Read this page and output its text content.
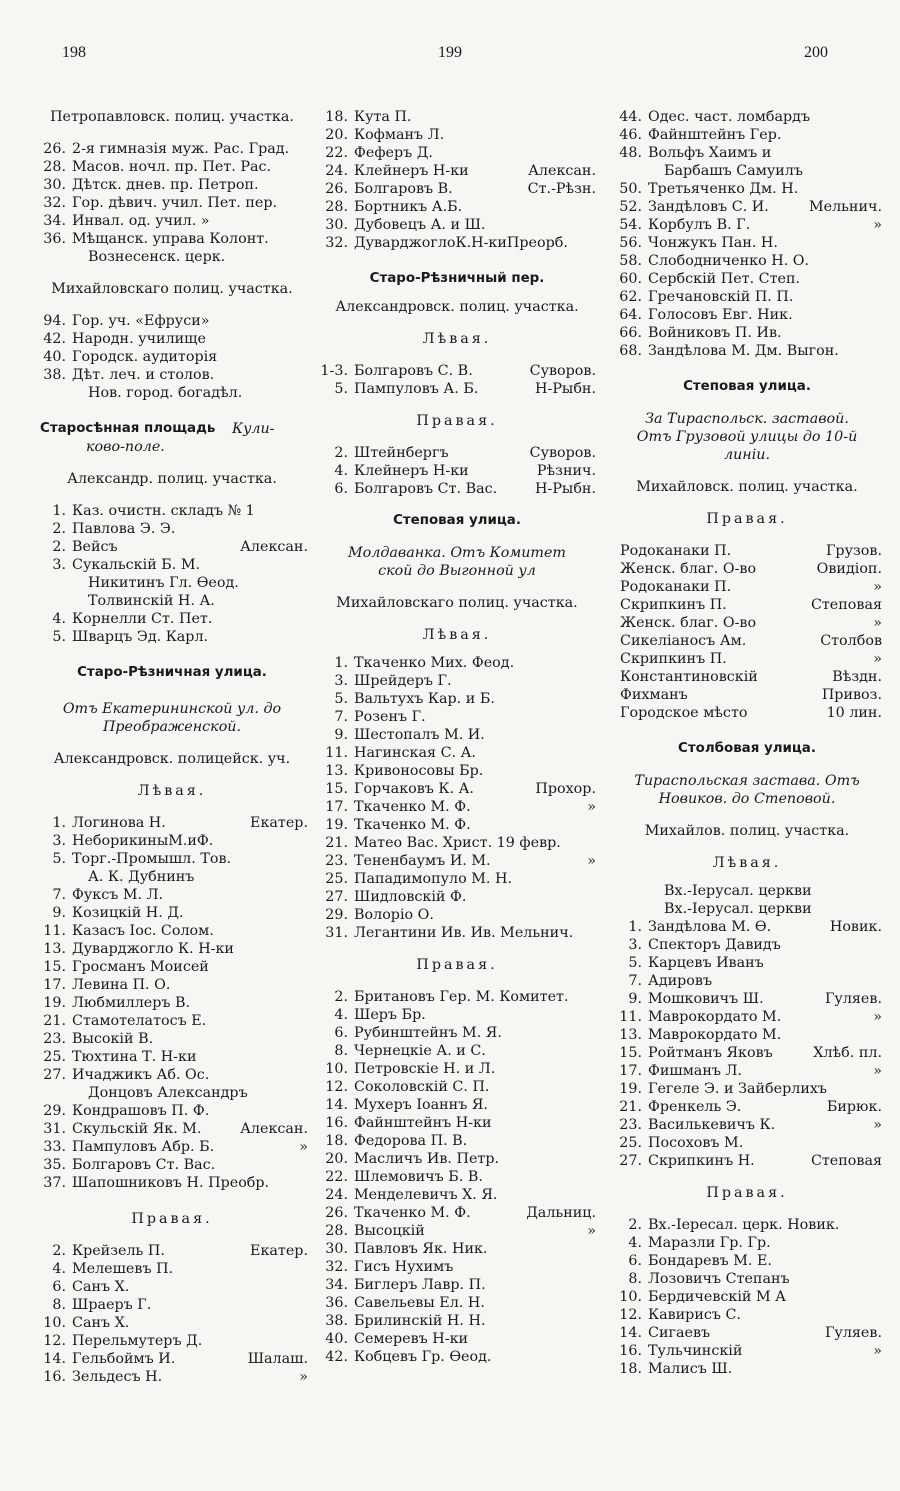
198	199	200
Петропавловск. полиц. участка.
26. 2-я гимназія муж. Рас. Град.
28. Масов. ночл. пр. Пет. Рас.
30. Дѣтск. днев. пр. Петроп.
32. Гор. дѣвич. учил. Пет. пер.
34. Инвал. од. учил. »
36. Мѣщанск. управа Колонт.
Вознесенск. церк.
Михайловскаго полиц. участка.
94. Гор. уч. «Ефруси»
42. Народн. училище
40. Городск. аудиторія
38. Дѣт. леч. и столов.
Нов. город. богадѣл.
Старосѣнная площадь Кули-
ково-поле.
Александр. полиц. участка.
1. Каз. очистн. складъ № 1
2. Павлова Э. Э.
2. Вейсъ	Алексан.
3. Сукальскій Б. М.
Никитинъ Гл. Өеод.
Толвинскій Н. А.
4. Корнелли Ст. Пет.
5. Шварцъ Эд. Карл.
Старо-Рѣзничная улица.
Отъ Екатерининской ул. до
Преображенской.
Александровск. полицейск. уч.
Лѣвая.
1. Логинова Н.	Екатер.
3. НеборикиныМ.иФ.
5. Торг.-Промышл. Тов.
А. К. Дубнинъ
7. Фуксъ М. Л.
9. Козицкій Н. Д.
11. Казасъ Іос. Солом.
13. Дуварджогло К. Н-ки
15. Гросманъ Моисей
17. Левина П. О.
19. Любмиллеръ В.
21. Стамотелатосъ Е.
23. Высокій В.
25. Тюхтина Т. Н-ки
27. Ичаджикъ Аб. Ос.
Донцовъ Александръ
29. Кондрашовъ П. Ф.
31. Скульскій Як. М.	Алексан.
33. Пампуловъ Абр. Б.	»
35. Болгаровъ Ст. Вас.
37. Шапошниковъ Н. Преобр.
Правая.
2. Крейзель П.	Екатер.
4. Мелешевъ П.
6. Санъ Х.
8. Шраеръ Г.
10. Санъ Х.
12. Перельмутеръ Д.
14. Гельбоймъ И.	Шалаш.
16. Зельдесъ Н.	»
18. Кута П.
20. Кофманъ Л.
22. Феферъ Д.
24. Клейнеръ Н-ки	Алексан.
26. Болгаровъ В.	Ст.-Рѣзн.
28. Бортникъ А.Б.
30. Дубовецъ А. и Ш.
32. ДуварджоглоК.Н-киПреорб.
Старо-Рѣзничный пер.
Александровск. полиц. участка.
Лѣвая.
1-3. Болгаровъ С. В.	Суворов.
5. Пампуловъ А. Б.	Н-Рыбн.
Правая.
2. Штейнбергъ	Суворов.
4. Клейнеръ Н-ки	Рѣзнич.
6. Болгаровъ Ст. Вас.	Н-Рыбн.
Степовая улица.
Молдаванка. Отъ Комитет
ской до Выгонной ул
Михайловскаго полиц. участка.
Лѣвая.
1. Ткаченко Мих. Феод.
3. Шрейдеръ Г.
5. Вальтухъ Кар. и Б.
7. Розенъ Г.
9. Шестопалъ М. И.
11. Нагинская С. А.
13. Кривоносовы Бр.
15. Горчаковъ К. А.	Прохор.
17. Ткаченко М. Ф.	»
19. Ткаченко М. Ф.
21. Матео Вас. Христ. 19 февр.
23. Тененбаумъ И. М.	»
25. Пападимопуло М. Н.
27. Шидловскій Ф.
29. Волоріо О.
31. Легантини Ив. Ив. Мельнич.
Правая.
2. Британовъ Гер. М. Комитет.
4. Шеръ Бр.
6. Рубинштейнъ М. Я.
8. Чернецкіе А. и С.
10. Петровскіе Н. и Л.
12. Соколовскій С. П.
14. Мухеръ Іоаннъ Я.
16. Файнштейнъ Н-ки
18. Федорова П. В.
20. Масличъ Ив. Петр.
22. Шлемовичъ Б. В.
24. Менделевичъ Х. Я.
26. Ткаченко М. Ф.	Дальниц.
28. Высоцкій	»
30. Павловъ Як. Ник.
32. Гисъ Нухимъ
34. Биглеръ Лавр. П.
36. Савельевы Ел. Н.
38. Брилинскій Н. Н.
40. Семеревъ Н-ки
42. Кобцевъ Гр. Өеод.
44. Одес. част. ломбардъ
46. Файнштейнъ Гер.
48. Вольфъ Хаимъ и
Барбашъ Самуилъ
50. Третьяченко Дм. Н.
52. Зандѣловъ С. И.	Мельнич.
54. Корбулъ В. Г.	»
56. Чонжукъ Пан. Н.
58. Слободниченко Н. О.
60. Сербскій Пет. Степ.
62. Гречановскій П. П.
64. Голосовъ Евг. Ник.
66. Войниковъ П. Ив.
68. Зандѣлова М. Дм. Выгон.
Степовая улица.
За Тираспольск. заставой.
Отъ Грузовой улицы до 10-й
линіи.
Михайловск. полиц. участка.
Правая.
Родоканаки П.	Грузов.
Женск. благ. О-во	Овидіоп.
Родоканаки П.	»
Скрипкинъ П.	Степовая
Женск. благ. О-во	»
Сикеліаносъ Ам.	Столбов
Скрипкинъ П.	»
Константиновскій	Вѣздн.
Фихманъ	Привоз.
Городское мѣсто	10 лин.
Столбовая улица.
Тираспольская застава. Отъ
Новиков. до Степовой.
Михайлов. полиц. участка.
Лѣвая.
Вх.-Іерусал. церкви
Вх.-Іерусал. церкви
1. Зандѣлова М. Ѳ.	Новик.
3. Спекторъ Давидъ
5. Карцевъ Иванъ
7. Адировъ
9. Мошковичъ Ш.	Гуляев.
11. Маврокордато М.	»
13. Маврокордато М.
15. Ройтманъ Яковъ	Хлѣб. пл.
17. Фишманъ Л.	»
19. Гегеле Э. и Зайберлихъ
21. Френкель Э.	Бирюк.
23. Василькевичъ К.	»
25. Посоховъ М.
27. Скрипкинъ Н.	Степовая
Правая.
2. Вх.-Іересал. церк. Новик.
4. Маразли Гр. Гр.
6. Бондаревъ М. Е.
8. Лозовичъ Степанъ
10. Бердичевскій М А
12. Кавирисъ С.
14. Сигаевъ	Гуляев.
16. Тульчинскій	»
18. Малисъ Ш.
